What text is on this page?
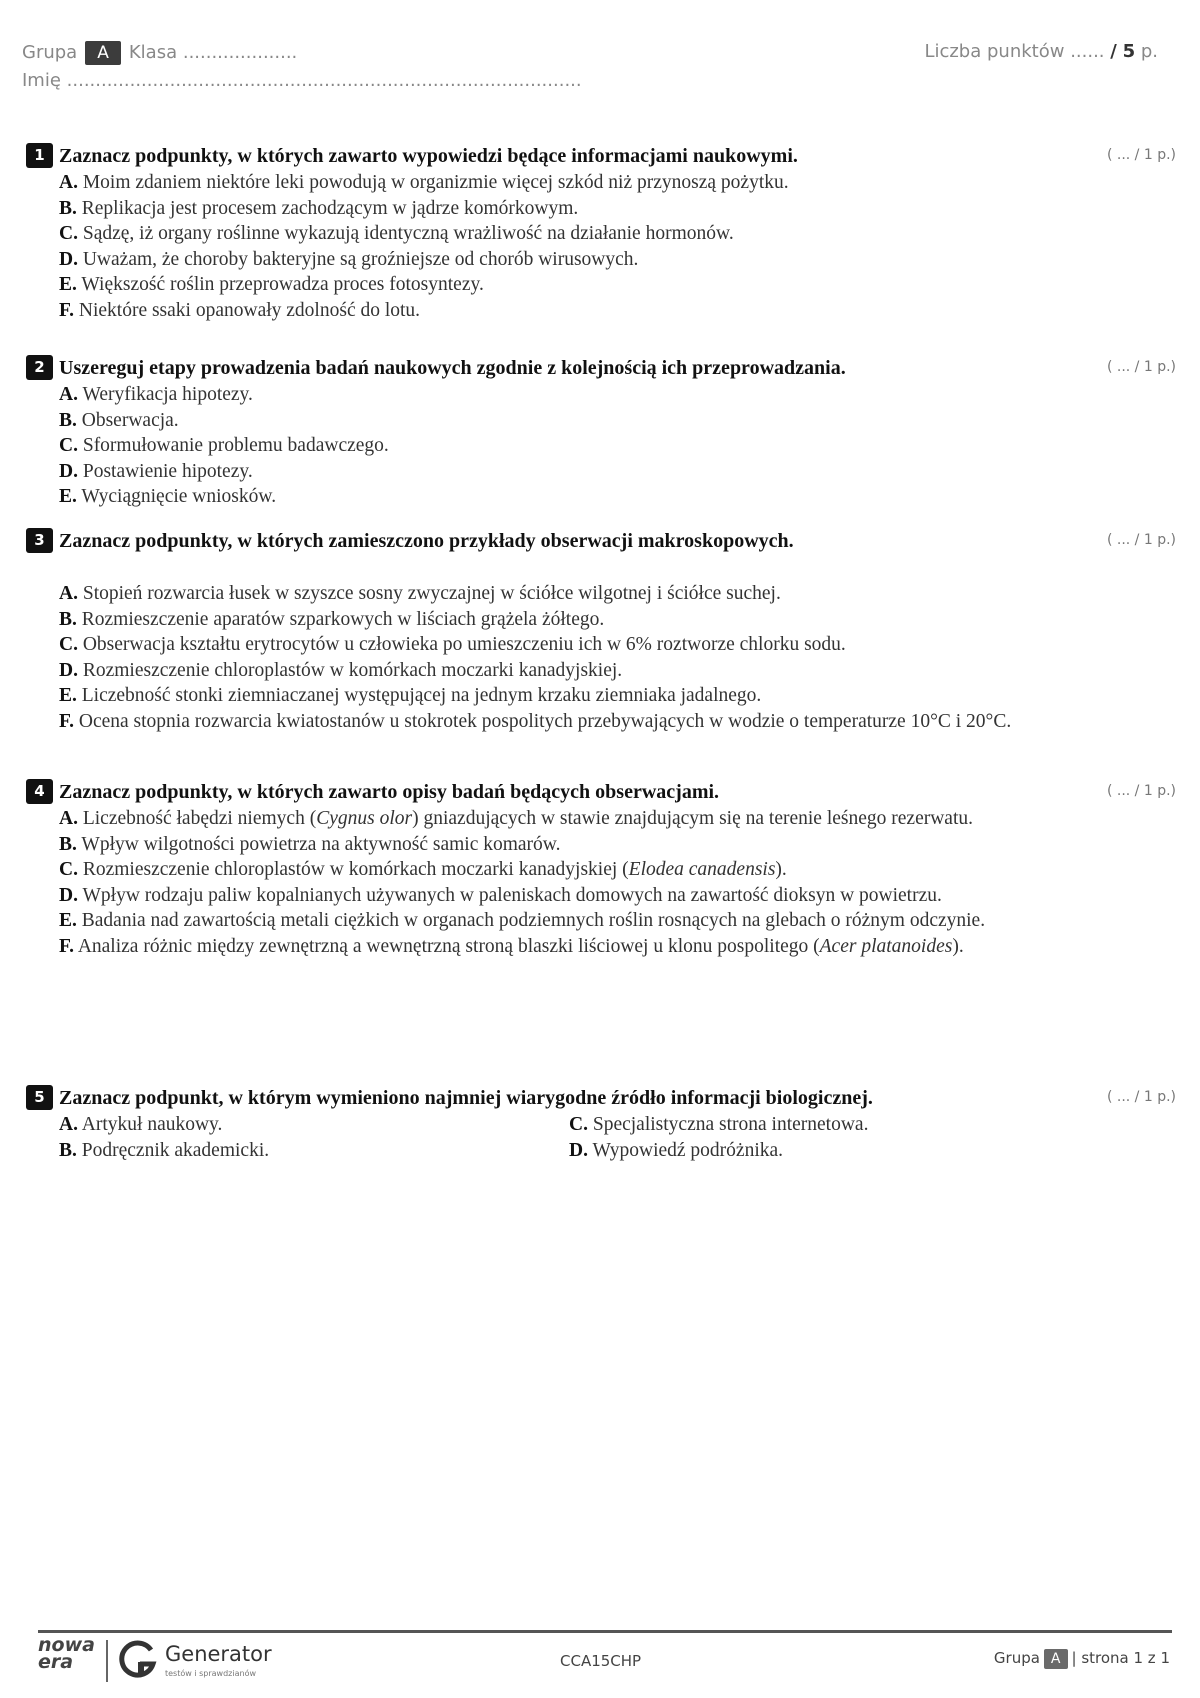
Grupa A Klasa ....................
Imię ..........................................................................................
Liczba punktów ...... / 5 p.
1 Zaznacz podpunkty, w których zawarto wypowiedzi będące informacjami naukowymi.	( ... / 1 p.)

A. Moim zdaniem niektóre leki powodują w organizmie więcej szkód niż przynoszą pożytku.

B. Replikacja jest procesem zachodzącym w jądrze komórkowym.

C. Sądzę, iż organy roślinne wykazują identyczną wrażliwość na działanie hormonów.

D. Uważam, że choroby bakteryjne są groźniejsze od chorób wirusowych.

E. Większość roślin przeprowadza proces fotosyntezy.

F. Niektóre ssaki opanowały zdolność do lotu.

2 Uszereguj etapy prowadzenia badań naukowych zgodnie z kolejnością ich przeprowadzania.	( ... / 1 p.)

A. Weryfikacja hipotezy.

B. Obserwacja.

C. Sformułowanie problemu badawczego.

D. Postawienie hipotezy.

E. Wyciągnięcie wniosków.

3 Zaznacz podpunkty, w których zamieszczono przykłady obserwacji makroskopowych.	( ... / 1 p.)

A. Stopień rozwarcia łusek w szyszce sosny zwyczajnej w ściółce wilgotnej i ściółce suchej.

B. Rozmieszczenie aparatów szparkowych w liściach grążela żółtego.

C. Obserwacja kształtu erytrocytów u człowieka po umieszczeniu ich w 6% roztworze chlorku sodu.

D. Rozmieszczenie chloroplastów w komórkach moczarki kanadyjskiej.

E. Liczebność stonki ziemniaczanej występującej na jednym krzaku ziemniaka jadalnego.

F. Ocena stopnia rozwarcia kwiatostanów u stokrotek pospolitych przebywających w wodzie o temperaturze 10°C i 20°C.

4 Zaznacz podpunkty, w których zawarto opisy badań będących obserwacjami.	( ... / 1 p.)

A. Liczebność łabędzi niemych (Cygnus olor) gniazdujących w stawie znajdującym się na terenie leśnego rezerwatu.

B. Wpływ wilgotności powietrza na aktywność samic komarów.

C. Rozmieszczenie chloroplastów w komórkach moczarki kanadyjskiej (Elodea canadensis).

D. Wpływ rodzaju paliw kopalnianych używanych w paleniskach domowych na zawartość dioksyn w powietrzu.

E. Badania nad zawartością metali ciężkich w organach podziemnych roślin rosnących na glebach o różnym odczynie.

F. Analiza różnic między zewnętrzną a wewnętrzną stroną blaszki liściowej u klonu pospolitego (Acer platanoides).

5 Zaznacz podpunkt, w którym wymieniono najmniej wiarygodne źródło informacji biologicznej.	( ... / 1 p.)

A. Artykuł naukowy.

B. Podręcznik akademicki.

C. Specjalistyczna strona internetowa.

D. Wypowiedź podróżnika.

nowa
era	Generator
testów i sprawdzianów
CCA15CHP	Grupa A | strona 1 z 1
